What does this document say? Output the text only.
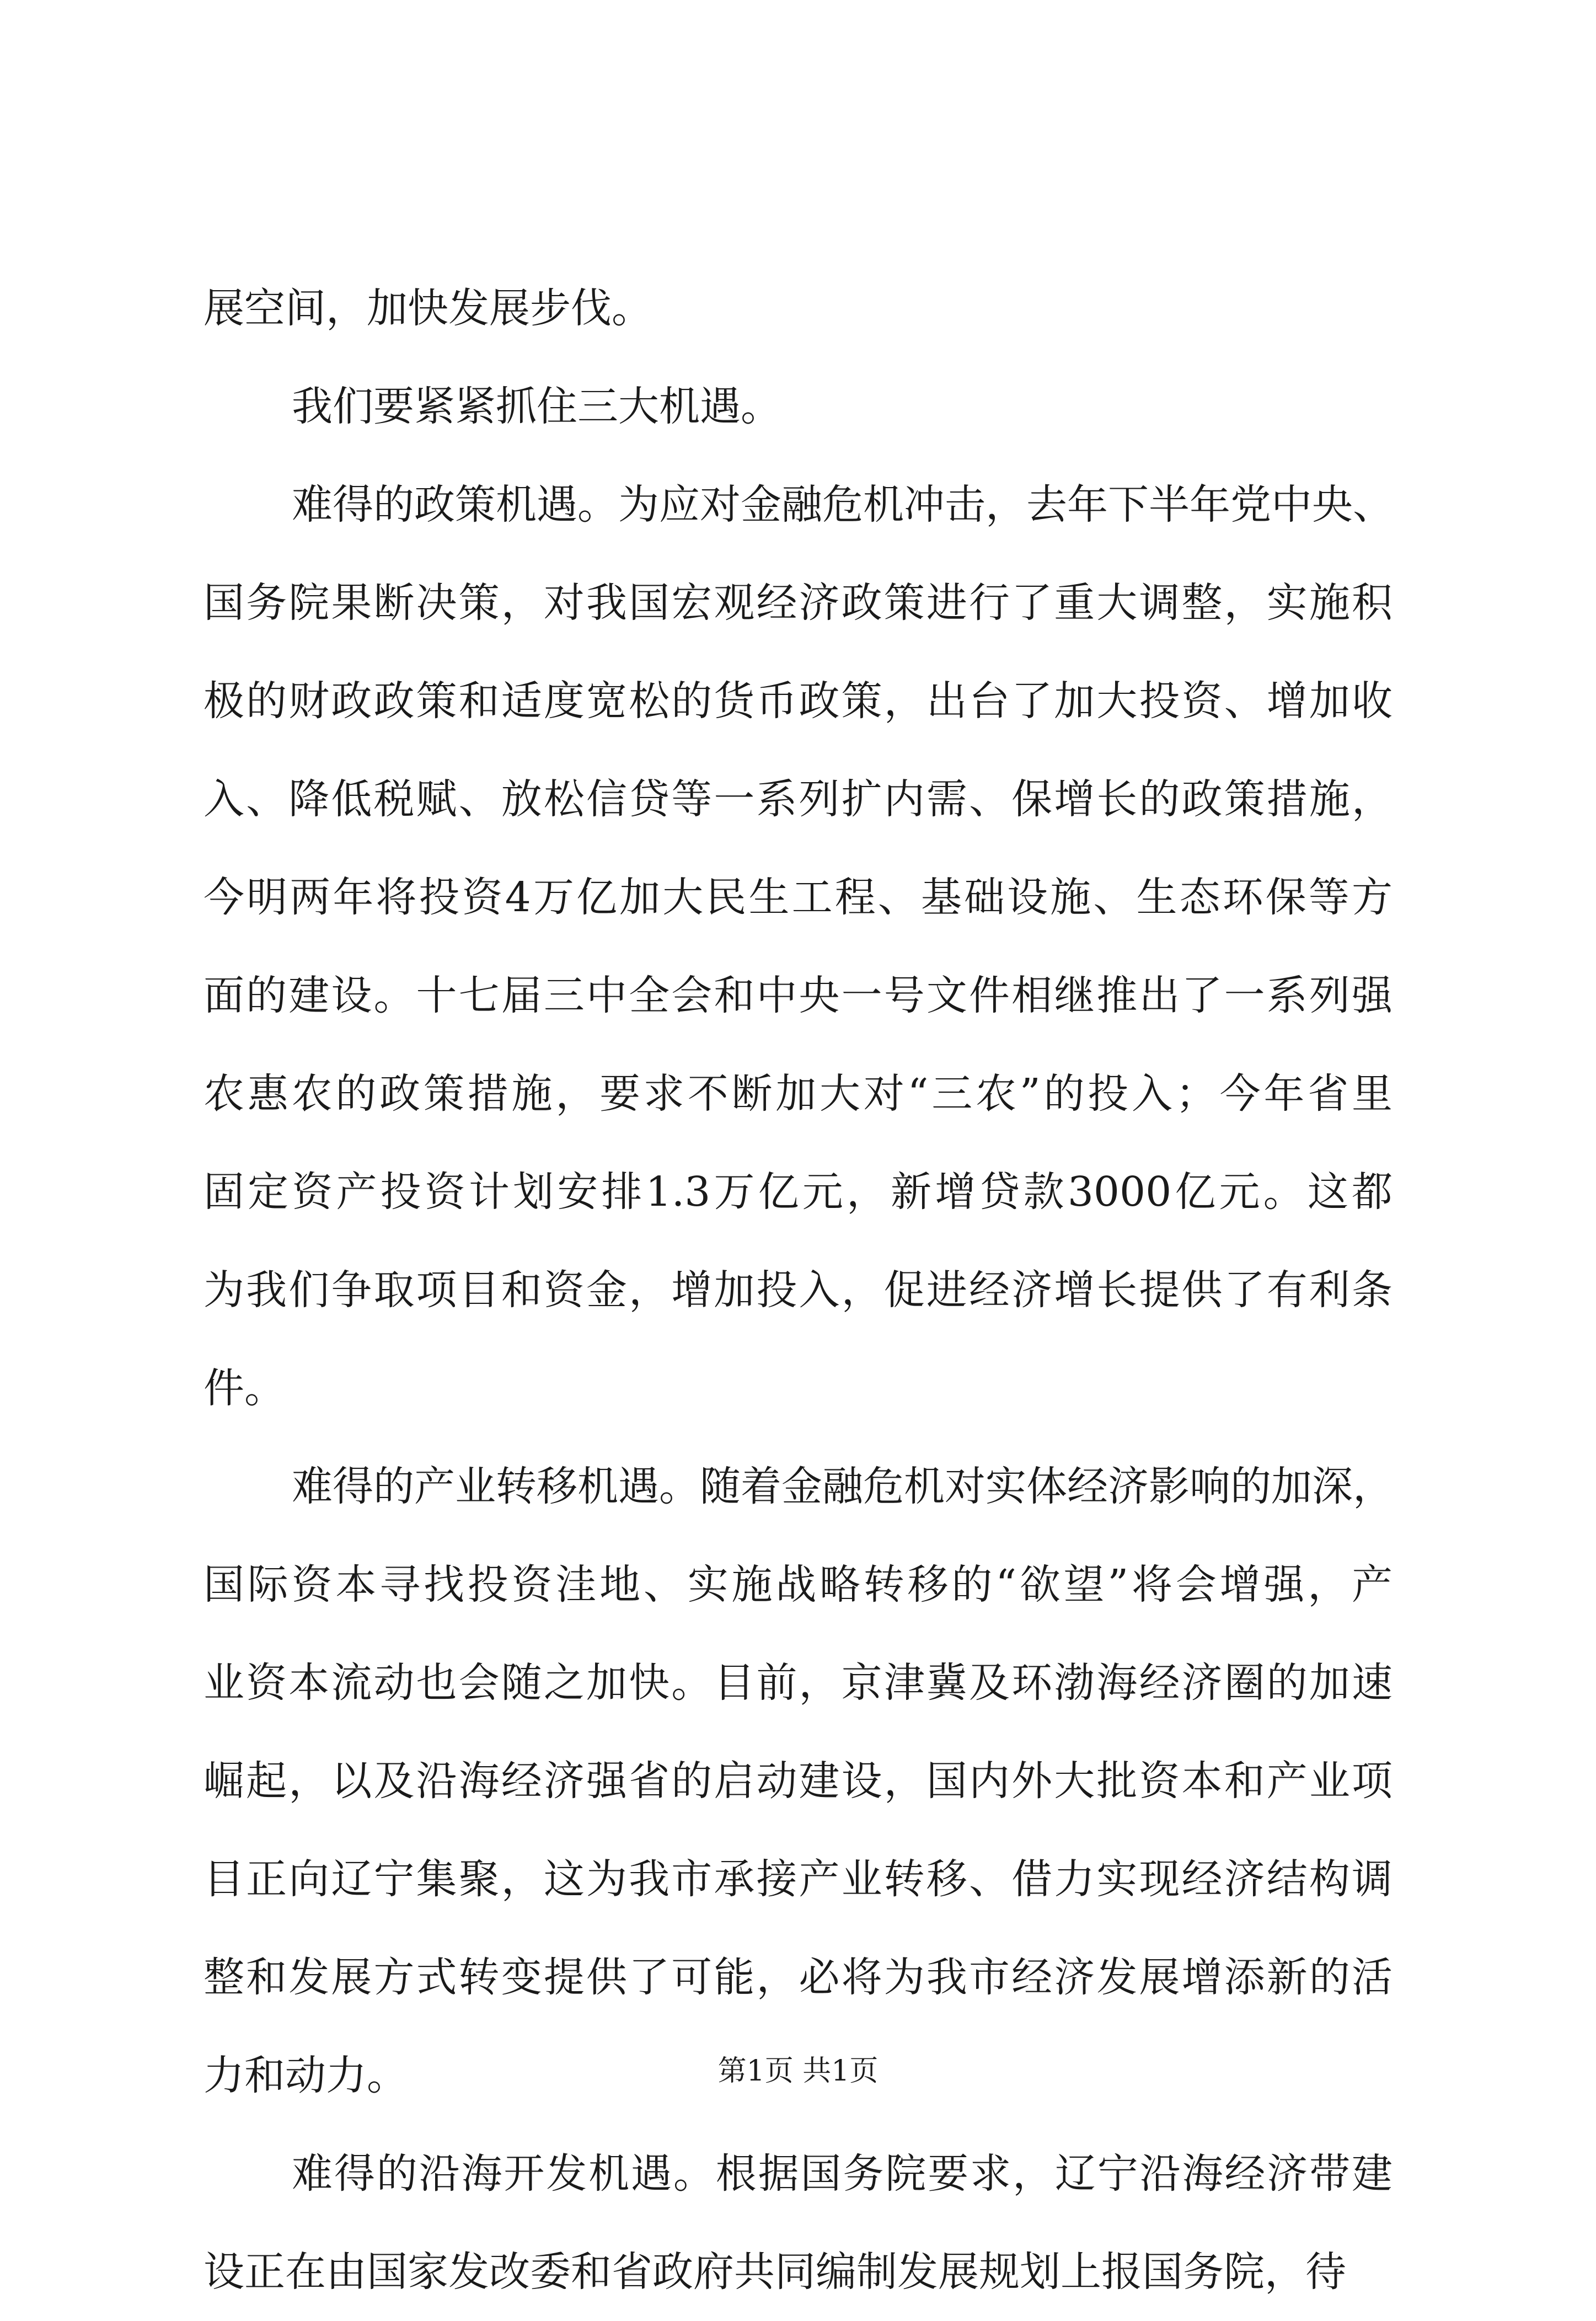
展空间，加快发展步伐。
我们要紧紧抓住三大机遇。
难得的政策机遇。为应对金融危机冲击，去年下半年党中央、
国务院果断决策，对我国宏观经济政策进行了重大调整，实施积
极的财政政策和适度宽松的货币政策，出台了加大投资、增加收
入、降低税赋、放松信贷等一系列扩内需、保增长的政策措施，
今明两年将投资4万亿加大民生工程、基础设施、生态环保等方
面的建设。十七届三中全会和中央一号文件相继推出了一系列强
农惠农的政策措施，要求不断加大对“三农”的投入；今年省里
固定资产投资计划安排1.3万亿元，新增贷款3000亿元。这都
为我们争取项目和资金，增加投入，促进经济增长提供了有利条
件。
难得的产业转移机遇。随着金融危机对实体经济影响的加深，
国际资本寻找投资洼地、实施战略转移的“欲望”将会增强，产
业资本流动也会随之加快。目前，京津冀及环渤海经济圈的加速
崛起，以及沿海经济强省的启动建设，国内外大批资本和产业项
目正向辽宁集聚，这为我市承接产业转移、借力实现经济结构调
整和发展方式转变提供了可能，必将为我市经济发展增添新的活
力和动力。
难得的沿海开发机遇。根据国务院要求，辽宁沿海经济带建
设正在由国家发改委和省政府共同编制发展规划上报国务院，待
第1页 共1页
